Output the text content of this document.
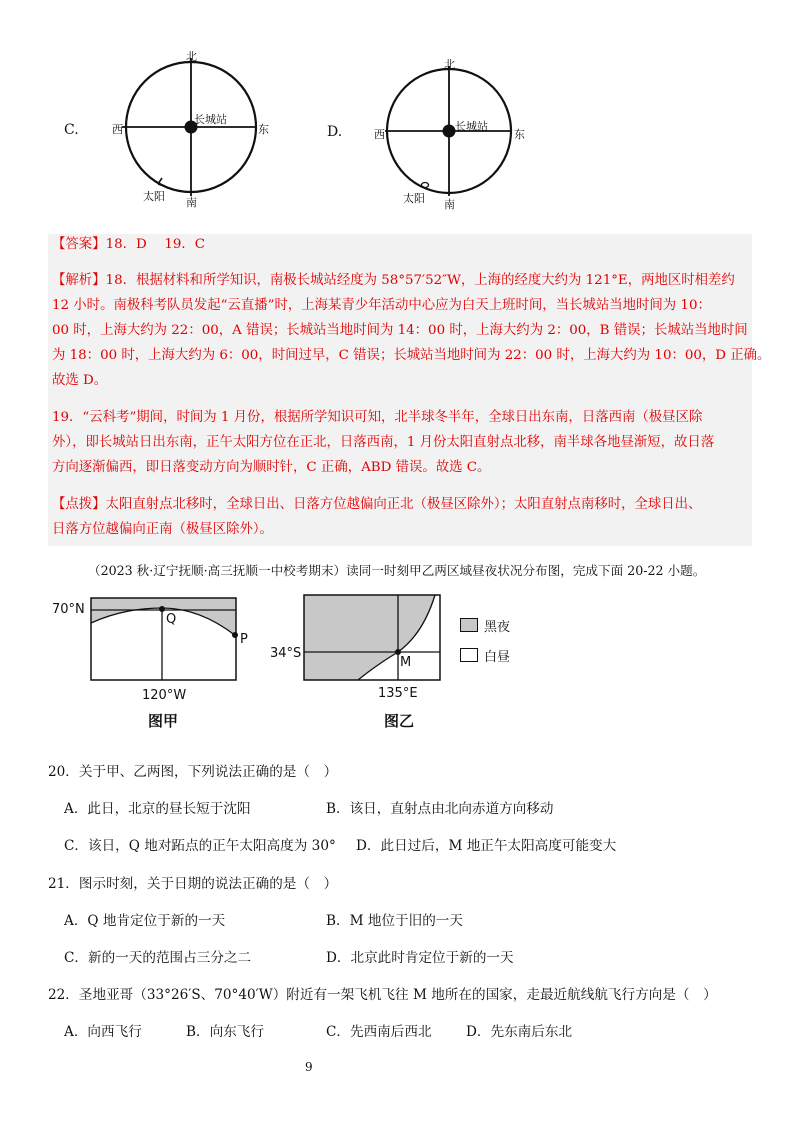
C.
北
南
东
西
长城站
太阳
D.
北
南
东
西
长城站
太阳
【答案】18．D　 19．C
【解析】18．根据材料和所学知识，南极长城站经度为 58°57′52″W，上海的经度大约为 121°E，两地区时相差约
12 小时。南极科考队员发起“云直播”时，上海某青少年活动中心应为白天上班时间，当长城站当地时间为 10：
00 时，上海大约为 22：00，A 错误；长城站当地时间为 14：00 时，上海大约为 2：00，B 错误；长城站当地时间
为 18：00 时，上海大约为 6：00，时间过早，C 错误；长城站当地时间为 22：00 时，上海大约为 10：00，D 正确。
故选 D。
19．“云科考”期间，时间为 1 月份，根据所学知识可知，北半球冬半年，全球日出东南，日落西南（极昼区除
外），即长城站日出东南，正午太阳方位在正北，日落西南，1 月份太阳直射点北移，南半球各地昼渐短，故日落
方向逐渐偏西，即日落变动方向为顺时针，C 正确，ABD 错误。故选 C。
【点拨】太阳直射点北移时，全球日出、日落方位越偏向正北（极昼区除外）；太阳直射点南移时，全球日出、
日落方位越偏向正南（极昼区除外）。
（2023 秋·辽宁抚顺·高三抚顺一中校考期末）读同一时刻甲乙两区域昼夜状况分布图，完成下面 20-22 小题。
70°N
Q
P
120°W
图甲
34°S
M
135°E
图乙
黑夜
白昼
20．关于甲、乙两图，下列说法正确的是（　）
A．此日，北京的昼长短于沈阳	B．该日，直射点由北向赤道方向移动
C．该日，Q 地对跖点的正午太阳高度为 30° D．此日过后，M 地正午太阳高度可能变大
21．图示时刻，关于日期的说法正确的是（　）
A．Q 地肯定位于新的一天	B．M 地位于旧的一天
C．新的一天的范围占三分之二	D．北京此时肯定位于新的一天
22．圣地亚哥（33°26′S、70°40′W）附近有一架飞机飞往 M 地所在的国家，走最近航线航飞行方向是（　）
A．向西飞行	B．向东飞行	C．先西南后西北	D．先东南后东北
9
